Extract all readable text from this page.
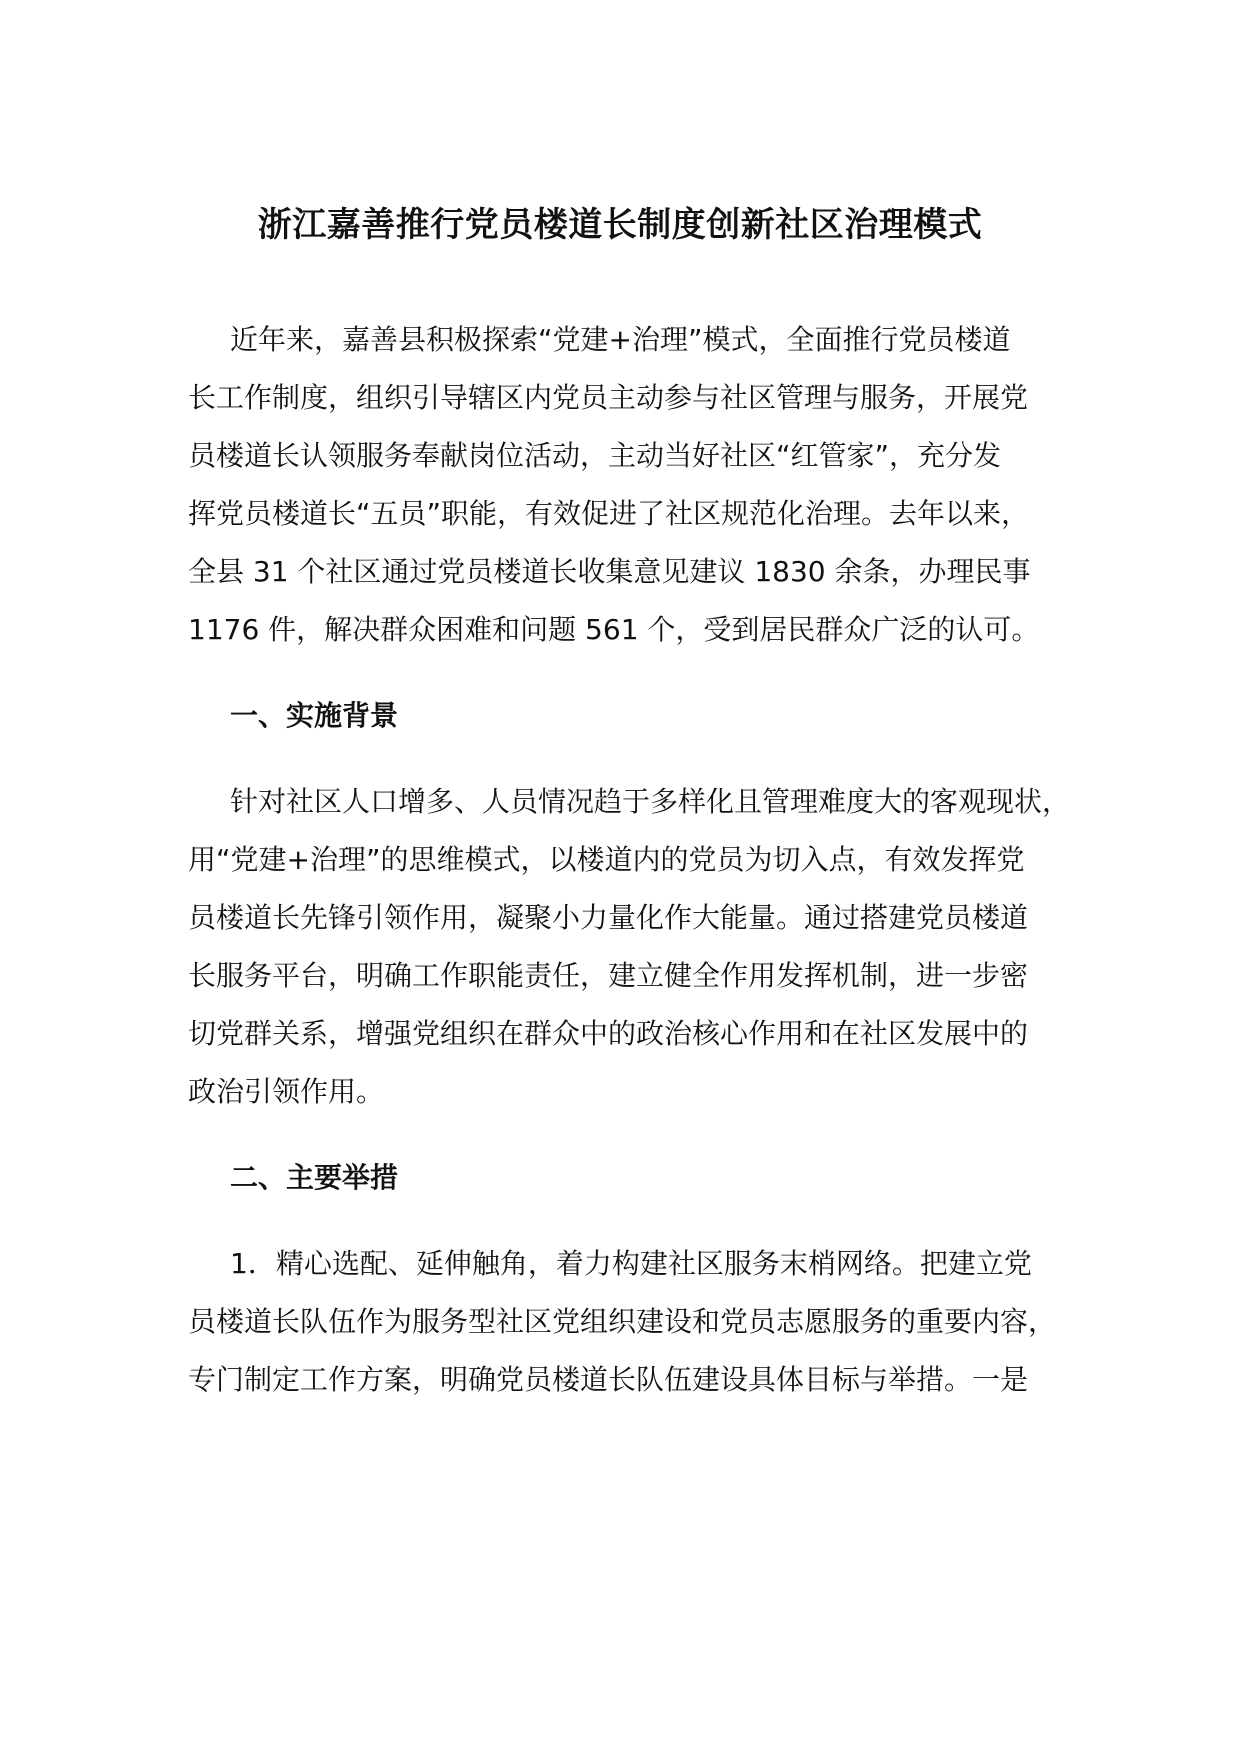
浙江嘉善推行党员楼道长制度创新社区治理模式

近年来，嘉善县积极探索“党建+治理”模式，全面推行党员楼道

长工作制度，组织引导辖区内党员主动参与社区管理与服务，开展党

员楼道长认领服务奉献岗位活动，主动当好社区“红管家”，充分发

挥党员楼道长“五员”职能，有效促进了社区规范化治理。去年以来，

全县 31 个社区通过党员楼道长收集意见建议 1830 余条，办理民事

1176 件，解决群众困难和问题 561 个，受到居民群众广泛的认可。

一、实施背景

针对社区人口增多、人员情况趋于多样化且管理难度大的客观现状，

用“党建+治理”的思维模式，以楼道内的党员为切入点，有效发挥党

员楼道长先锋引领作用，凝聚小力量化作大能量。通过搭建党员楼道

长服务平台，明确工作职能责任，建立健全作用发挥机制，进一步密

切党群关系，增强党组织在群众中的政治核心作用和在社区发展中的

政治引领作用。

二、主要举措

1．精心选配、延伸触角，着力构建社区服务末梢网络。把建立党

员楼道长队伍作为服务型社区党组织建设和党员志愿服务的重要内容，

专门制定工作方案，明确党员楼道长队伍建设具体目标与举措。一是
